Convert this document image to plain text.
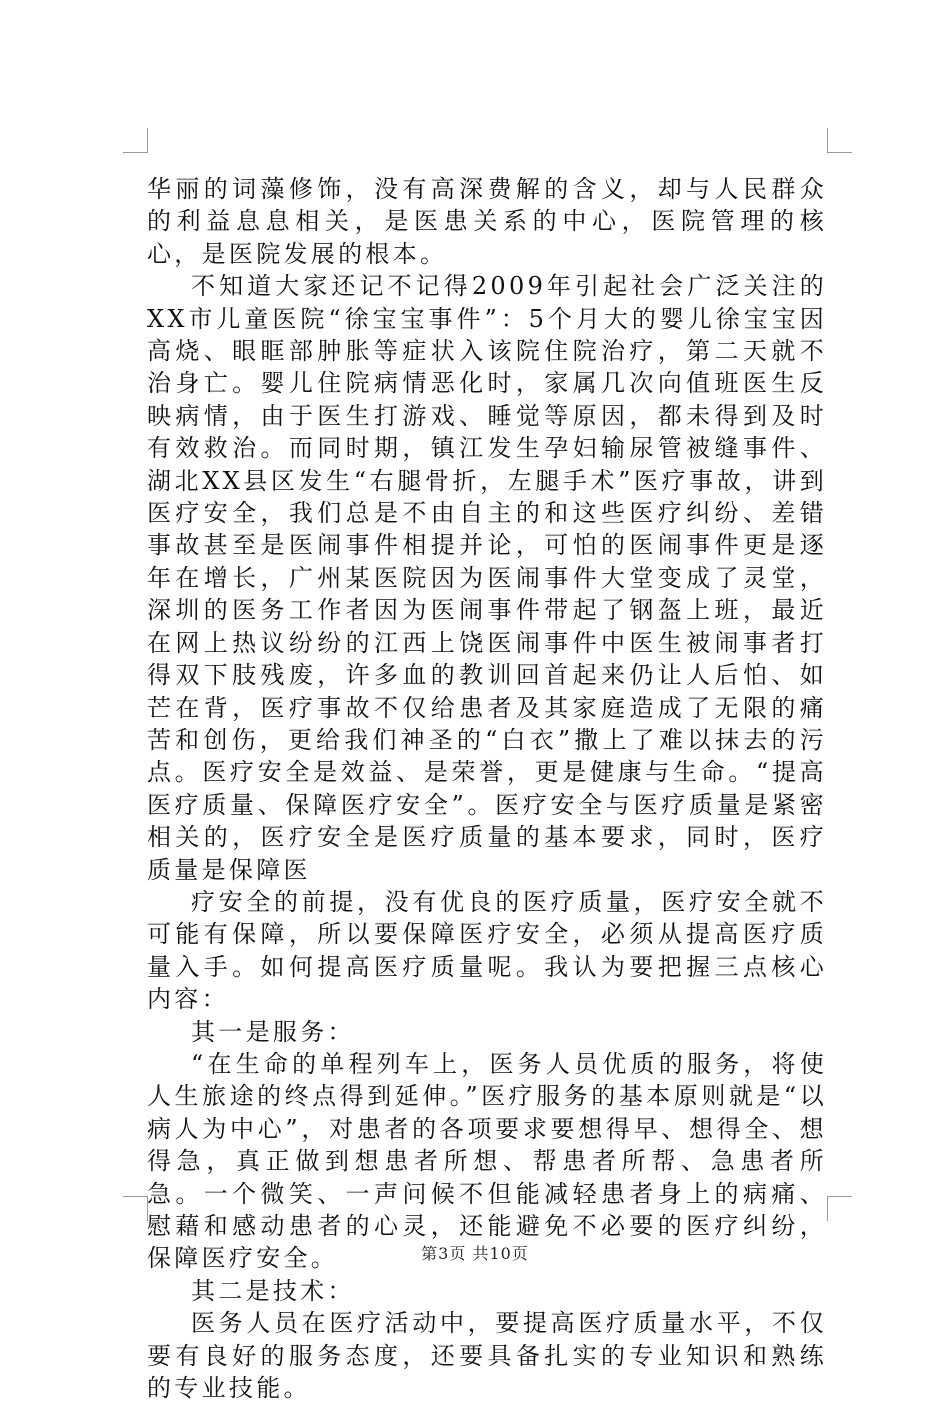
华丽的词藻修饰，没有高深费解的含义，却与人民群众的利益息息相关，是医患关系的中心，医院管理的核心，是医院发展的根本。

不知道大家还记不记得2009年引起社会广泛关注的XX市儿童医院“徐宝宝事件”：5个月大的婴儿徐宝宝因高烧、眼眶部肿胀等症状入该院住院治疗，第二天就不治身亡。婴儿住院病情恶化时，家属几次向值班医生反映病情，由于医生打游戏、睡觉等原因，都未得到及时有效救治。而同时期，镇江发生孕妇输尿管被缝事件、湖北XX县区发生“右腿骨折，左腿手术”医疗事故，讲到医疗安全，我们总是不由自主的和这些医疗纠纷、差错事故甚至是医闹事件相提并论，可怕的医闹事件更是逐年在增长，广州某医院因为医闹事件大堂变成了灵堂，深圳的医务工作者因为医闹事件带起了钢盔上班，最近在网上热议纷纷的江西上饶医闹事件中医生被闹事者打得双下肢残废，许多血的教训回首起来仍让人后怕、如芒在背，医疗事故不仅给患者及其家庭造成了无限的痛苦和创伤，更给我们神圣的“白衣”撒上了难以抹去的污点。医疗安全是效益、是荣誉，更是健康与生命。“提高医疗质量、保障医疗安全”。医疗安全与医疗质量是紧密相关的，医疗安全是医疗质量的基本要求，同时，医疗质量是保障医

疗安全的前提，没有优良的医疗质量，医疗安全就不可能有保障，所以要保障医疗安全，必须从提高医疗质量入手。如何提高医疗质量呢。我认为要把握三点核心内容：

其一是服务：

“在生命的单程列车上，医务人员优质的服务，将使人生旅途的终点得到延伸。”医疗服务的基本原则就是“以病人为中心”，对患者的各项要求要想得早、想得全、想得急，真正做到想患者所想、帮患者所帮、急患者所急。一个微笑、一声问候不但能减轻患者身上的病痛、慰藉和感动患者的心灵，还能避免不必要的医疗纠纷，保障医疗安全。

其二是技术：

医务人员在医疗活动中，要提高医疗质量水平，不仅要有良好的服务态度，还要具备扎实的专业知识和熟练的专业技能。

第3页 共10页
